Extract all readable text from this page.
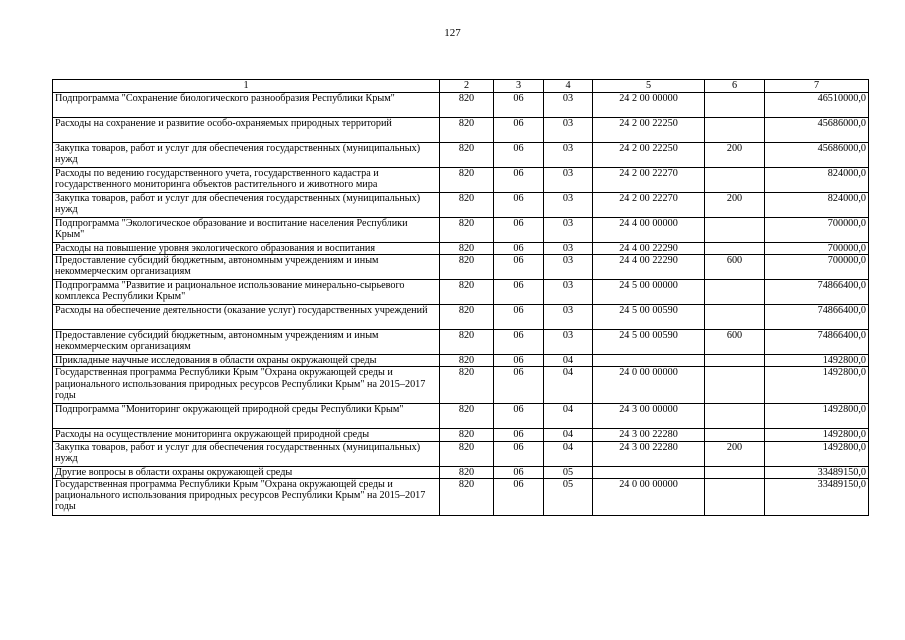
127
1	2	3	4	5	6	7
Подпрограмма "Сохранение биологического разнообразия Республики Крым"	820	06	03	24 2 00 00000		46510000,0
Расходы на сохранение и развитие особо-охраняемых природных территорий	820	06	03	24 2 00 22250		45686000,0
Закупка товаров, работ и услуг для обеспечения государственных (муниципальных) нужд	820	06	03	24 2 00 22250	200	45686000,0
Расходы по ведению государственного учета, государственного кадастра и государственного мониторинга объектов растительного и животного мира	820	06	03	24 2 00 22270		824000,0
Закупка товаров, работ и услуг для обеспечения государственных (муниципальных) нужд	820	06	03	24 2 00 22270	200	824000,0
Подпрограмма "Экологическое образование и воспитание населения Республики Крым"	820	06	03	24 4 00 00000		700000,0
Расходы на повышение уровня экологического образования и воспитания	820	06	03	24 4 00 22290		700000,0
Предоставление субсидий бюджетным, автономным учреждениям и иным некоммерческим организациям	820	06	03	24 4 00 22290	600	700000,0
Подпрограмма "Развитие и рациональное использование минерально-сырьевого комплекса Республики Крым"	820	06	03	24 5 00 00000		74866400,0
Расходы на обеспечение деятельности (оказание услуг) государственных учреждений	820	06	03	24 5 00 00590		74866400,0
Предоставление субсидий бюджетным, автономным учреждениям и иным некоммерческим организациям	820	06	03	24 5 00 00590	600	74866400,0
Прикладные научные исследования в области охраны окружающей среды	820	06	04			1492800,0
Государственная программа Республики Крым "Охрана окружающей среды и рационального использования природных ресурсов Республики Крым" на 2015–2017 годы	820	06	04	24 0 00 00000		1492800,0
Подпрограмма "Мониторинг окружающей природной среды Республики Крым"	820	06	04	24 3 00 00000		1492800,0
Расходы на осуществление мониторинга окружающей природной среды	820	06	04	24 3 00 22280		1492800,0
Закупка товаров, работ и услуг для обеспечения государственных (муниципальных) нужд	820	06	04	24 3 00 22280	200	1492800,0
Другие вопросы в области охраны окружающей среды	820	06	05			33489150,0
Государственная программа Республики Крым "Охрана окружающей среды и рационального использования природных ресурсов Республики Крым" на 2015–2017 годы	820	06	05	24 0 00 00000		33489150,0
